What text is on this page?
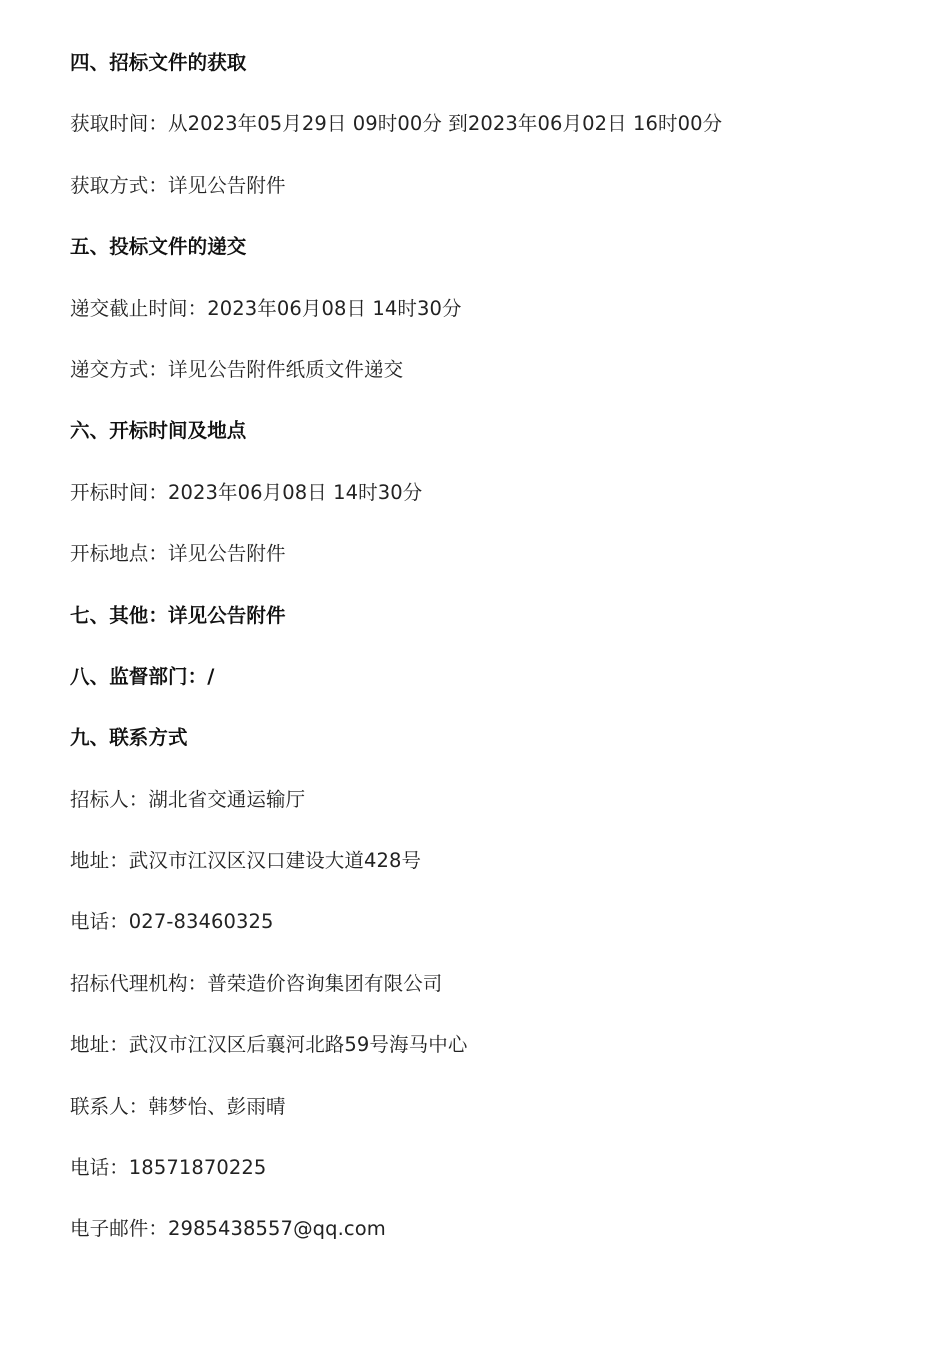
四、招标文件的获取
获取时间：从2023年05月29日 09时00分 到2023年06月02日 16时00分
获取方式：详见公告附件
五、投标文件的递交
递交截止时间：2023年06月08日 14时30分
递交方式：详见公告附件纸质文件递交
六、开标时间及地点
开标时间：2023年06月08日 14时30分
开标地点：详见公告附件
七、其他：详见公告附件
八、监督部门：/
九、联系方式
招标人：湖北省交通运输厅
地址：武汉市江汉区汉口建设大道428号
电话：027-83460325
招标代理机构：普荣造价咨询集团有限公司
地址：武汉市江汉区后襄河北路59号海马中心
联系人：韩梦怡、彭雨晴
电话：18571870225
电子邮件：2985438557@qq.com
